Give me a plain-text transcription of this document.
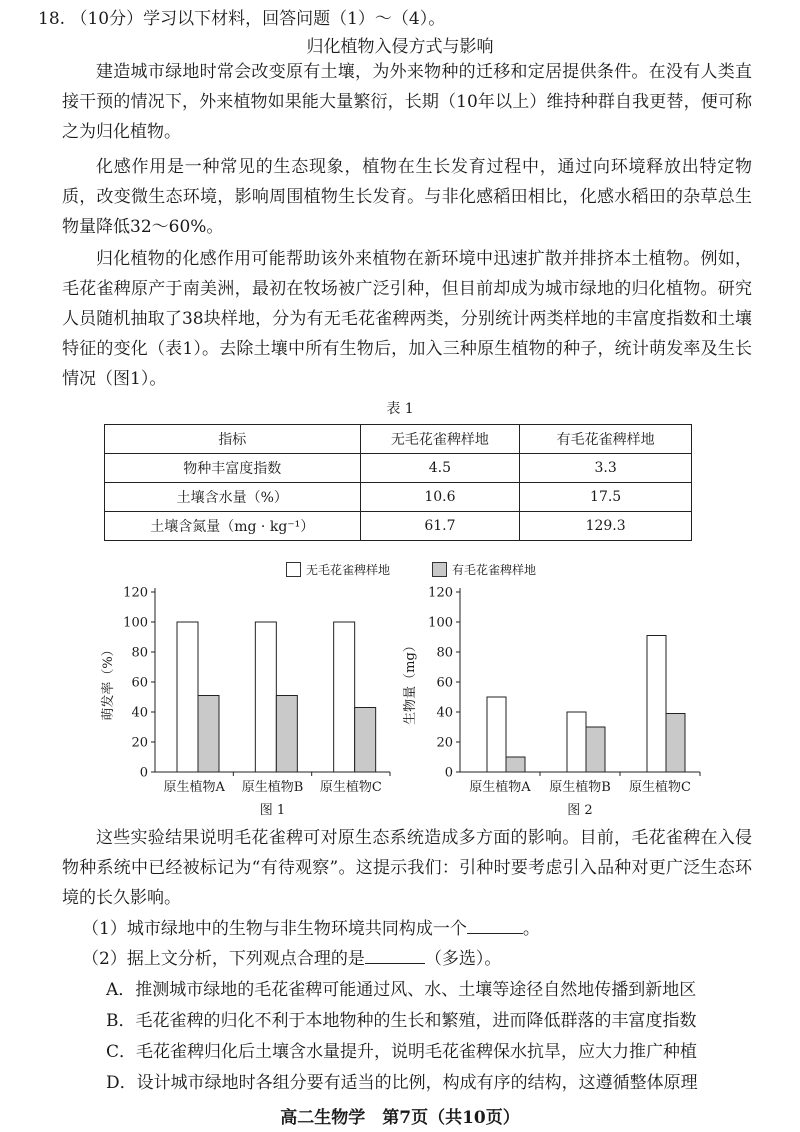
18. （10分）学习以下材料，回答问题（1）～（4）。
归化植物入侵方式与影响

建造城市绿地时常会改变原有土壤，为外来物种的迁移和定居提供条件。在没有人类直接干预的情况下，外来植物如果能大量繁衍，长期（10年以上）维持种群自我更替，便可称之为归化植物。

化感作用是一种常见的生态现象，植物在生长发育过程中，通过向环境释放出特定物质，改变微生态环境，影响周围植物生长发育。与非化感稻田相比，化感水稻田的杂草总生物量降低32～60%。

归化植物的化感作用可能帮助该外来植物在新环境中迅速扩散并排挤本土植物。例如，毛花雀稗原产于南美洲，最初在牧场被广泛引种，但目前却成为城市绿地的归化植物。研究人员随机抽取了38块样地，分为有无毛花雀稗两类，分别统计两类样地的丰富度指数和土壤特征的变化（表1）。去除土壤中所有生物后，加入三种原生植物的种子，统计萌发率及生长情况（图1）。

表 1
指标	无毛花雀稗样地	有毛花雀稗样地
物种丰富度指数	4.5	3.3
土壤含水量（%）	10.6	17.5
土壤含氮量（mg · kg⁻¹）	61.7	129.3
无毛花雀稗样地	有毛花雀稗样地
0
20
40
60
80
100
120
萌发率（%）
原生植物A 原生植物B 原生植物C
图 1
0
20
40
60
80
100
120
生物量（mg）
原生植物A 原生植物B 原生植物C
图 2

这些实验结果说明毛花雀稗可对原生态系统造成多方面的影响。目前，毛花雀稗在入侵物种系统中已经被标记为“有待观察”。这提示我们：引种时要考虑引入品种对更广泛生态环境的长久影响。

（1）城市绿地中的生物与非生物环境共同构成一个	。
（2）据上文分析，下列观点合理的是	（多选）。
A．推测城市绿地的毛花雀稗可能通过风、水、土壤等途径自然地传播到新地区
B．毛花雀稗的归化不利于本地物种的生长和繁殖，进而降低群落的丰富度指数
C．毛花雀稗归化后土壤含水量提升，说明毛花雀稗保水抗旱，应大力推广种植
D．设计城市绿地时各组分要有适当的比例，构成有序的结构，这遵循整体原理
高二生物学　第7页（共10页）
